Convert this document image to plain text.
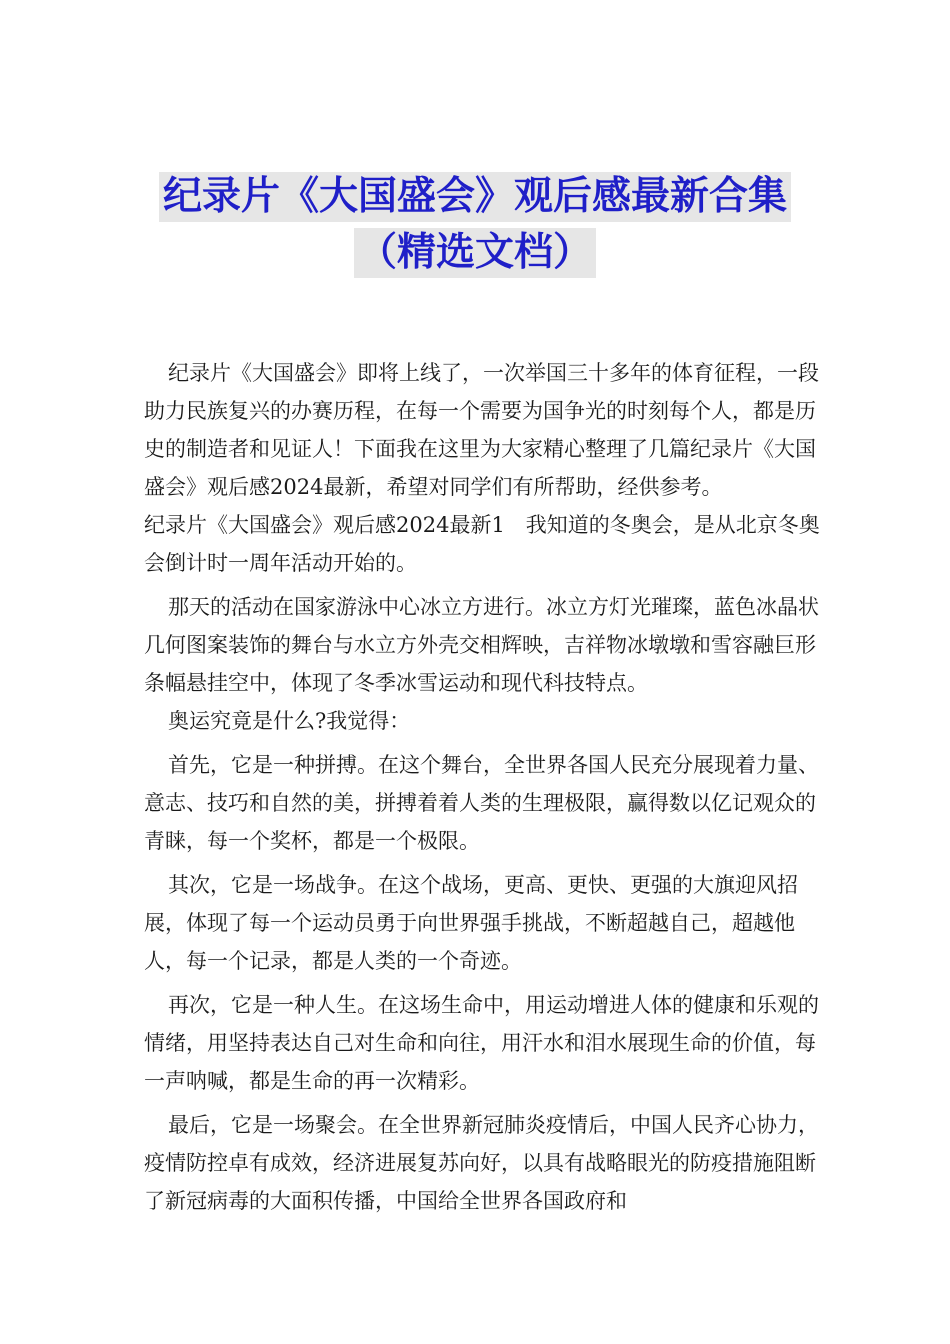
纪录片《大国盛会》观后感最新合集
（精选文档）

纪录片《大国盛会》即将上线了，一次举国三十多年的体育征程，一段助力民族复兴的办赛历程，在每一个需要为国争光的时刻每个人，都是历史的制造者和见证人！下面我在这里为大家精心整理了几篇纪录片《大国盛会》观后感2024最新，希望对同学们有所帮助，经供参考。

纪录片《大国盛会》观后感2024最新1　我知道的冬奥会，是从北京冬奥会倒计时一周年活动开始的。

那天的活动在国家游泳中心冰立方进行。冰立方灯光璀璨，蓝色冰晶状几何图案装饰的舞台与水立方外壳交相辉映，吉祥物冰墩墩和雪容融巨形条幅悬挂空中，体现了冬季冰雪运动和现代科技特点。

奥运究竟是什么?我觉得：

首先，它是一种拼搏。在这个舞台，全世界各国人民充分展现着力量、意志、技巧和自然的美，拼搏着着人类的生理极限，赢得数以亿记观众的青睐，每一个奖杯，都是一个极限。

其次，它是一场战争。在这个战场，更高、更快、更强的大旗迎风招展，体现了每一个运动员勇于向世界强手挑战，不断超越自己，超越他人，每一个记录，都是人类的一个奇迹。

再次，它是一种人生。在这场生命中，用运动增进人体的健康和乐观的情绪，用坚持表达自己对生命和向往，用汗水和泪水展现生命的价值，每一声呐喊，都是生命的再一次精彩。

最后，它是一场聚会。在全世界新冠肺炎疫情后，中国人民齐心协力，疫情防控卓有成效，经济进展复苏向好，以具有战略眼光的防疫措施阻断了新冠病毒的大面积传播，中国给全世界各国政府和
